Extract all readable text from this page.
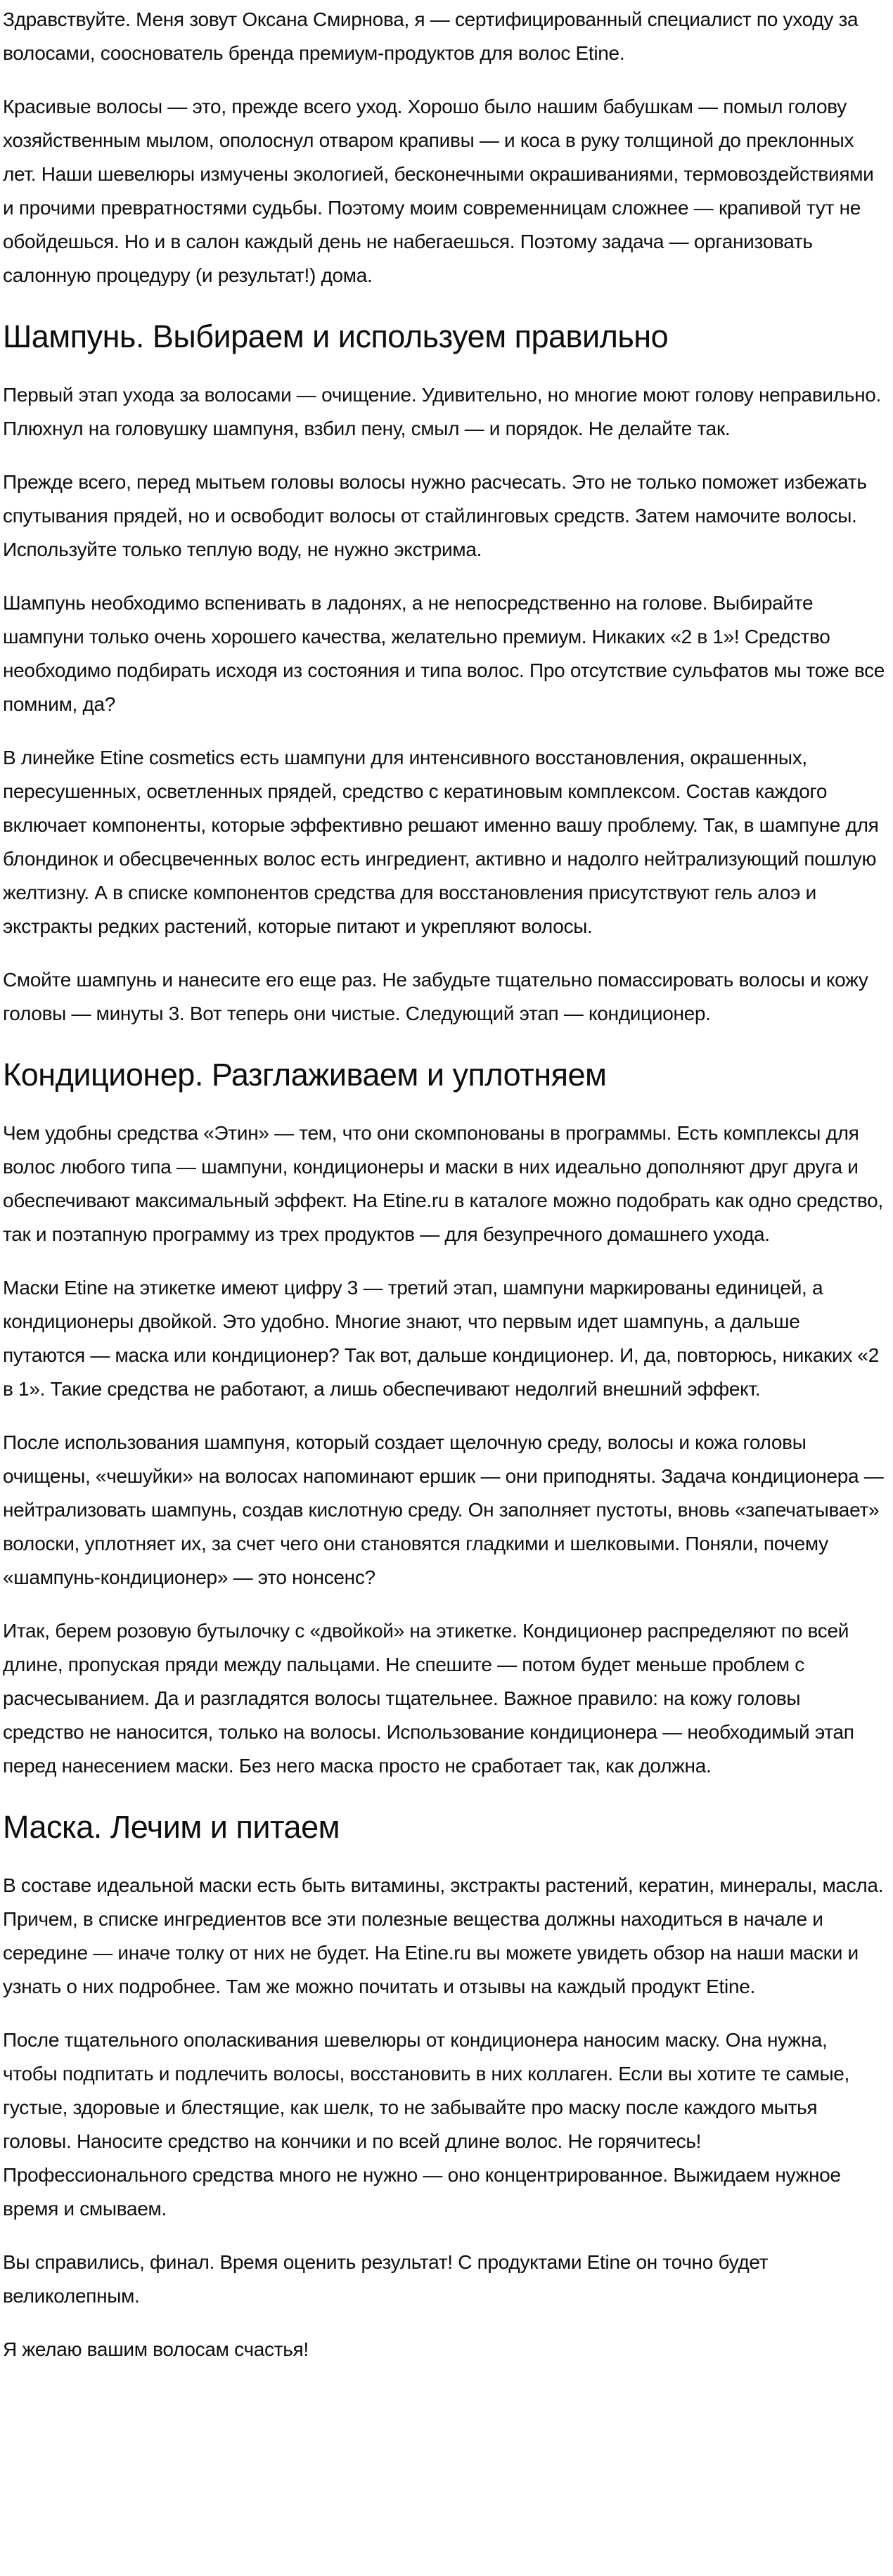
Здравствуйте. Меня зовут Оксана Смирнова, я — сертифицированный специалист по уходу за волосами, сооснователь бренда премиум-продуктов для волос Etine.

Красивые волосы — это, прежде всего уход. Хорошо было нашим бабушкам — помыл голову хозяйственным мылом, ополоснул отваром крапивы — и коса в руку толщиной до преклонных лет. Наши шевелюры измучены экологией, бесконечными окрашиваниями, термовоздействиями и прочими превратностями судьбы. Поэтому моим современницам сложнее — крапивой тут не обойдешься. Но и в салон каждый день не набегаешься. Поэтому задача — организовать салонную процедуру (и результат!) дома.

Шампунь. Выбираем и используем правильно

Первый этап ухода за волосами — очищение. Удивительно, но многие моют голову неправильно. Плюхнул на головушку шампуня, взбил пену, смыл — и порядок. Не делайте так.

Прежде всего, перед мытьем головы волосы нужно расчесать. Это не только поможет избежать спутывания прядей, но и освободит волосы от стайлинговых средств. Затем намочите волосы. Используйте только теплую воду, не нужно экстрима.

Шампунь необходимо вспенивать в ладонях, а не непосредственно на голове. Выбирайте шампуни только очень хорошего качества, желательно премиум. Никаких «2 в 1»! Средство необходимо подбирать исходя из состояния и типа волос. Про отсутствие сульфатов мы тоже все помним, да?

В линейке Etine cosmetics есть шампуни для интенсивного восстановления, окрашенных, пересушенных, осветленных прядей, средство с кератиновым комплексом. Состав каждого включает компоненты, которые эффективно решают именно вашу проблему. Так, в шампуне для блондинок и обесцвеченных волос есть ингредиент, активно и надолго нейтрализующий пошлую желтизну. А в списке компонентов средства для восстановления присутствуют гель алоэ и экстракты редких растений, которые питают и укрепляют волосы.

Смойте шампунь и нанесите его еще раз. Не забудьте тщательно помассировать волосы и кожу головы — минуты 3. Вот теперь они чистые. Следующий этап — кондиционер.

Кондиционер. Разглаживаем и уплотняем

Чем удобны средства «Этин» — тем, что они скомпонованы в программы. Есть комплексы для волос любого типа — шампуни, кондиционеры и маски в них идеально дополняют друг друга и обеспечивают максимальный эффект. На Etine.ru в каталоге можно подобрать как одно средство, так и поэтапную программу из трех продуктов — для безупречного домашнего ухода.

Маски Etine на этикетке имеют цифру 3 — третий этап, шампуни маркированы единицей, а кондиционеры двойкой. Это удобно. Многие знают, что первым идет шампунь, а дальше путаются — маска или кондиционер? Так вот, дальше кондиционер. И, да, повторюсь, никаких «2 в 1». Такие средства не работают, а лишь обеспечивают недолгий внешний эффект.

После использования шампуня, который создает щелочную среду, волосы и кожа головы очищены, «чешуйки» на волосах напоминают ершик — они приподняты. Задача кондиционера — нейтрализовать шампунь, создав кислотную среду. Он заполняет пустоты, вновь «запечатывает» волоски, уплотняет их, за счет чего они становятся гладкими и шелковыми. Поняли, почему «шампунь-кондиционер» — это нонсенс?

Итак, берем розовую бутылочку с «двойкой» на этикетке. Кондиционер распределяют по всей длине, пропуская пряди между пальцами. Не спешите — потом будет меньше проблем с расчесыванием. Да и разгладятся волосы тщательнее. Важное правило: на кожу головы средство не наносится, только на волосы. Использование кондиционера — необходимый этап перед нанесением маски. Без него маска просто не сработает так, как должна.

Маска. Лечим и питаем

В составе идеальной маски есть быть витамины, экстракты растений, кератин, минералы, масла. Причем, в списке ингредиентов все эти полезные вещества должны находиться в начале и середине — иначе толку от них не будет. На Etine.ru вы можете увидеть обзор на наши маски и узнать о них подробнее. Там же можно почитать и отзывы на каждый продукт Etine.

После тщательного ополаскивания шевелюры от кондиционера наносим маску. Она нужна, чтобы подпитать и подлечить волосы, восстановить в них коллаген. Если вы хотите те самые, густые, здоровые и блестящие, как шелк, то не забывайте про маску после каждого мытья головы. Наносите средство на кончики и по всей длине волос. Не горячитесь! Профессионального средства много не нужно — оно концентрированное. Выжидаем нужное время и смываем.

Вы справились, финал. Время оценить результат! С продуктами Etine он точно будет великолепным.

Я желаю вашим волосам счастья!
